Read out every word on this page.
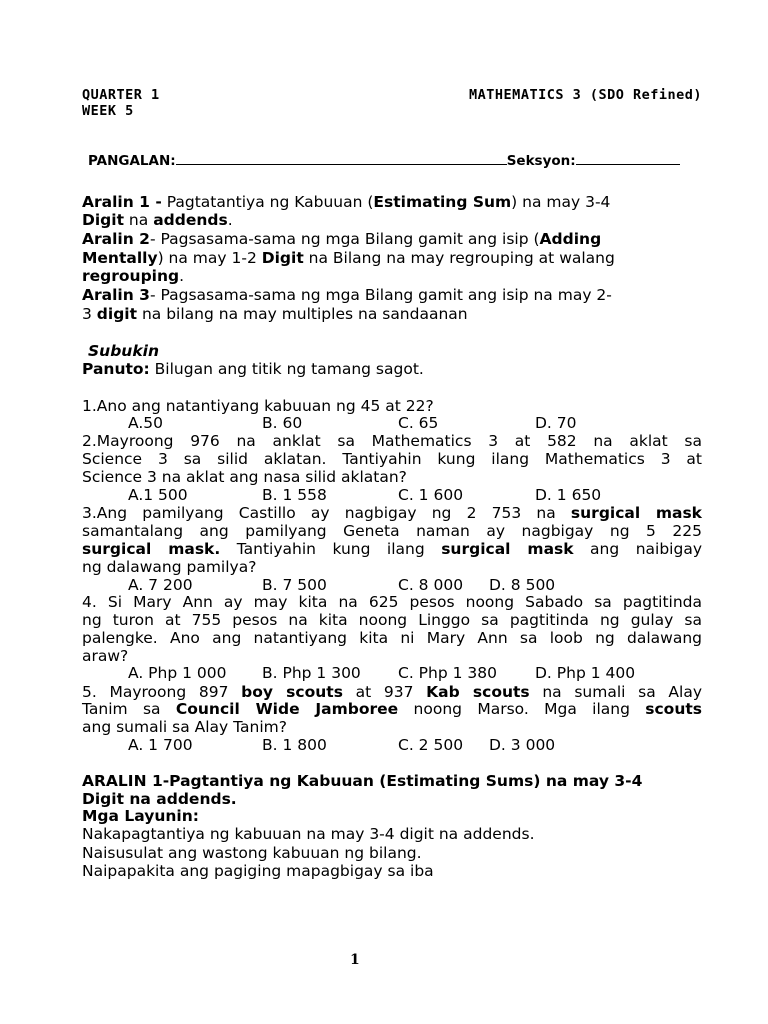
QUARTER 1
WEEK 5
MATHEMATICS 3 (SDO Refined)
PANGALAN:	Seksyon:
Aralin 1 - Pagtatantiya ng Kabuuan (Estimating Sum) na may 3-4
Digit na addends.
Aralin 2- Pagsasama-sama ng mga Bilang gamit ang isip (Adding
Mentally) na may 1-2 Digit na Bilang na may regrouping at walang
regrouping.
Aralin 3- Pagsasama-sama ng mga Bilang gamit ang isip na may 2-
3 digit na bilang na may multiples na sandaanan
Subukin
Panuto: Bilugan ang titik ng tamang sagot.
1.Ano ang natantiyang kabuuan ng 45 at 22?
A.50	B. 60	C. 65	D. 70
2.Mayroong 976 na anklat sa Mathematics 3 at 582 na aklat sa
Science 3 sa silid aklatan. Tantiyahin kung ilang Mathematics 3 at
Science 3 na aklat ang nasa silid aklatan?
A.1 500	B. 1 558	C. 1 600	D. 1 650
3.Ang pamilyang Castillo ay nagbigay ng 2 753 na surgical mask
samantalang ang pamilyang Geneta naman ay nagbigay ng 5 225
surgical mask. Tantiyahin kung ilang surgical mask ang naibigay
ng dalawang pamilya?
A. 7 200	B. 7 500	C. 8 000 D. 8 500
4. Si Mary Ann ay may kita na 625 pesos noong Sabado sa pagtitinda
ng turon at 755 pesos na kita noong Linggo sa pagtitinda ng gulay sa
palengke. Ano ang natantiyang kita ni Mary Ann sa loob ng dalawang
araw?
A. Php 1 000 B. Php 1 300 C. Php 1 380 D. Php 1 400
5. Mayroong 897 boy scouts at 937 Kab scouts na sumali sa Alay
Tanim sa Council Wide Jamboree noong Marso. Mga ilang scouts
ang sumali sa Alay Tanim?
A. 1 700	B. 1 800	C. 2 500 D. 3 000
ARALIN 1-Pagtantiya ng Kabuuan (Estimating Sums) na may 3-4
Digit na addends.
Mga Layunin:
Nakapagtantiya ng kabuuan na may 3-4 digit na addends.
Naisusulat ang wastong kabuuan ng bilang.
Naipapakita ang pagiging mapagbigay sa iba
1
